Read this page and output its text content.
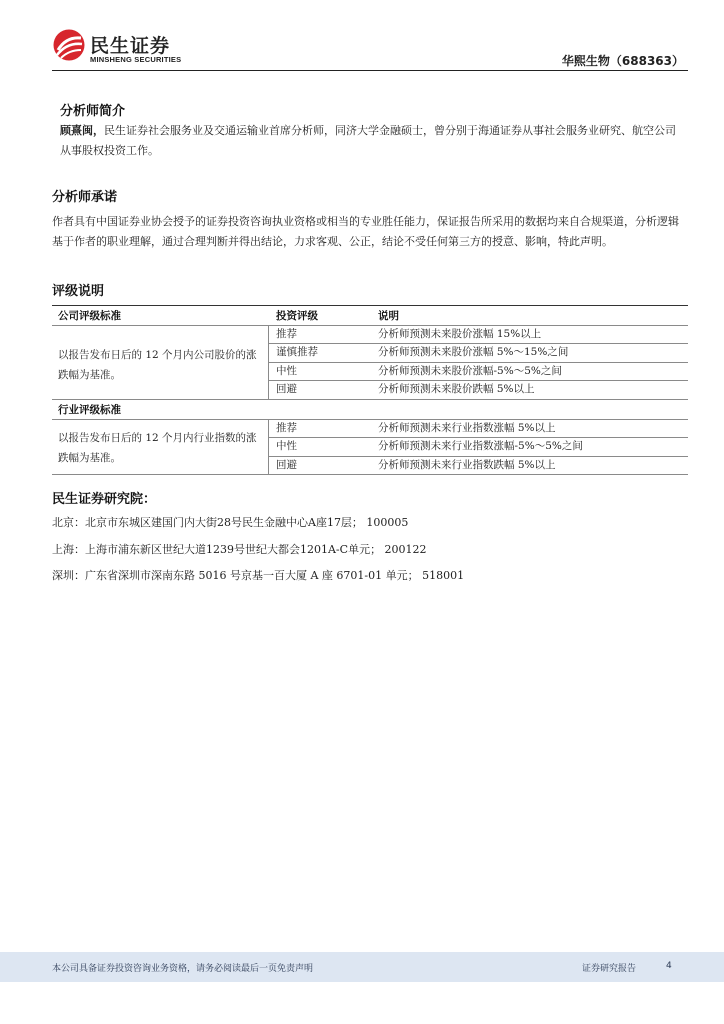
民生证券
MINSHENG SECURITIES	华熙生物（688363）
分析师简介
顾熹闽，民生证券社会服务业及交通运输业首席分析师，同济大学金融硕士，曾分别于海通证券从事社会服务业研究、航空公司从事股权投资工作。
分析师承诺
作者具有中国证券业协会授予的证券投资咨询执业资格或相当的专业胜任能力，保证报告所采用的数据均来自合规渠道，分析逻辑基于作者的职业理解，通过合理判断并得出结论，力求客观、公正，结论不受任何第三方的授意、影响，特此声明。
评级说明
公司评级标准	投资评级	说明
以报告发布日后的 12 个月内公司股价的涨跌幅为基准。
推荐	分析师预测未来股价涨幅 15%以上
谨慎推荐	分析师预测未来股价涨幅 5%～15%之间
中性	分析师预测未来股价涨幅-5%～5%之间
回避	分析师预测未来股价跌幅 5%以上
行业评级标准
以报告发布日后的 12 个月内行业指数的涨跌幅为基准。
推荐	分析师预测未来行业指数涨幅 5%以上
中性	分析师预测未来行业指数涨幅-5%～5%之间
回避	分析师预测未来行业指数跌幅 5%以上
民生证券研究院：
北京：北京市东城区建国门内大街28号民生金融中心A座17层； 100005
上海：上海市浦东新区世纪大道1239号世纪大都会1201A-C单元； 200122
深圳：广东省深圳市深南东路 5016 号京基一百大厦 A 座 6701-01 单元； 518001
本公司具备证券投资咨询业务资格，请务必阅读最后一页免责声明	证券研究报告	4
